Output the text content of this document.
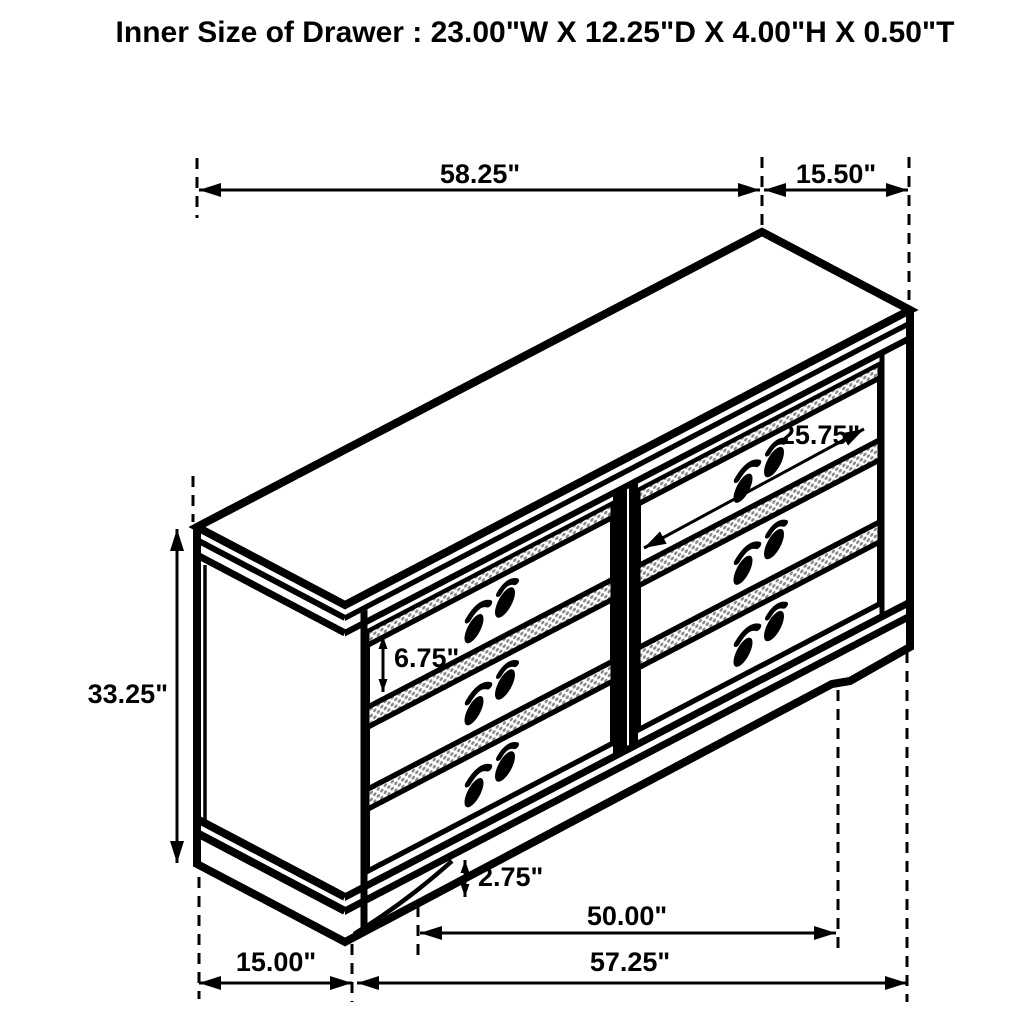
Inner Size of Drawer : 23.00"W X 12.25"D X 4.00"H X 0.50"T
58.25"	15.50"
25.75"
33.25"
6.75"
2.75"
50.00"
15.00"	57.25"
